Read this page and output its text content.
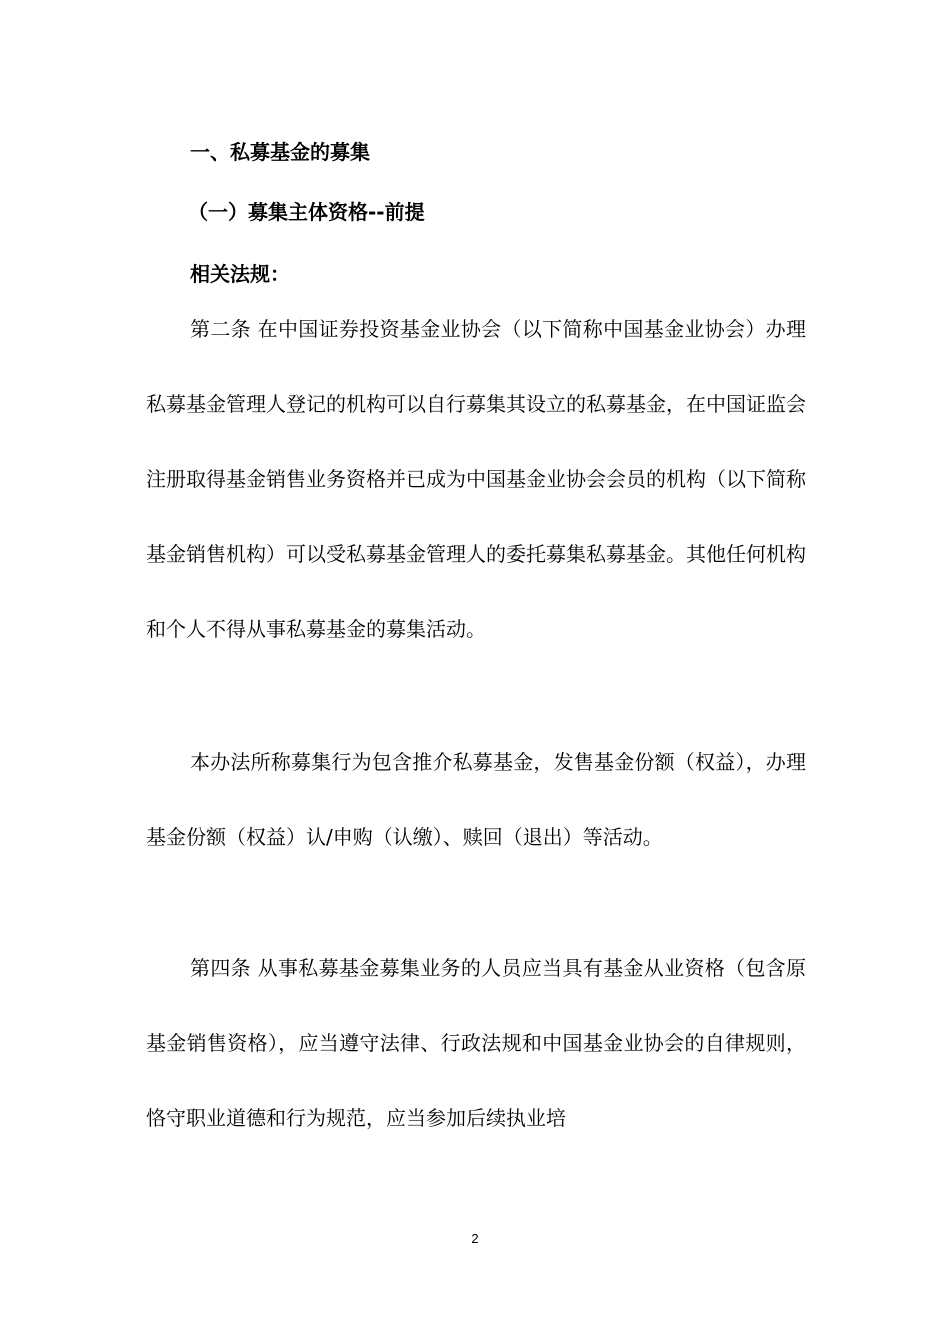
一、私募基金的募集
（一）募集主体资格--前提
相关法规：

第二条 在中国证券投资基金业协会（以下简称中国基金业协会）办理私募基金管理人登记的机构可以自行募集其设立的私募基金，在中国证监会注册取得基金销售业务资格并已成为中国基金业协会会员的机构（以下简称基金销售机构）可以受私募基金管理人的委托募集私募基金。其他任何机构和个人不得从事私募基金的募集活动。

本办法所称募集行为包含推介私募基金，发售基金份额（权益），办理基金份额（权益）认/申购（认缴）、赎回（退出）等活动。

第四条 从事私募基金募集业务的人员应当具有基金从业资格（包含原基金销售资格），应当遵守法律、行政法规和中国基金业协会的自律规则，恪守职业道德和行为规范，应当参加后续执业培

2
